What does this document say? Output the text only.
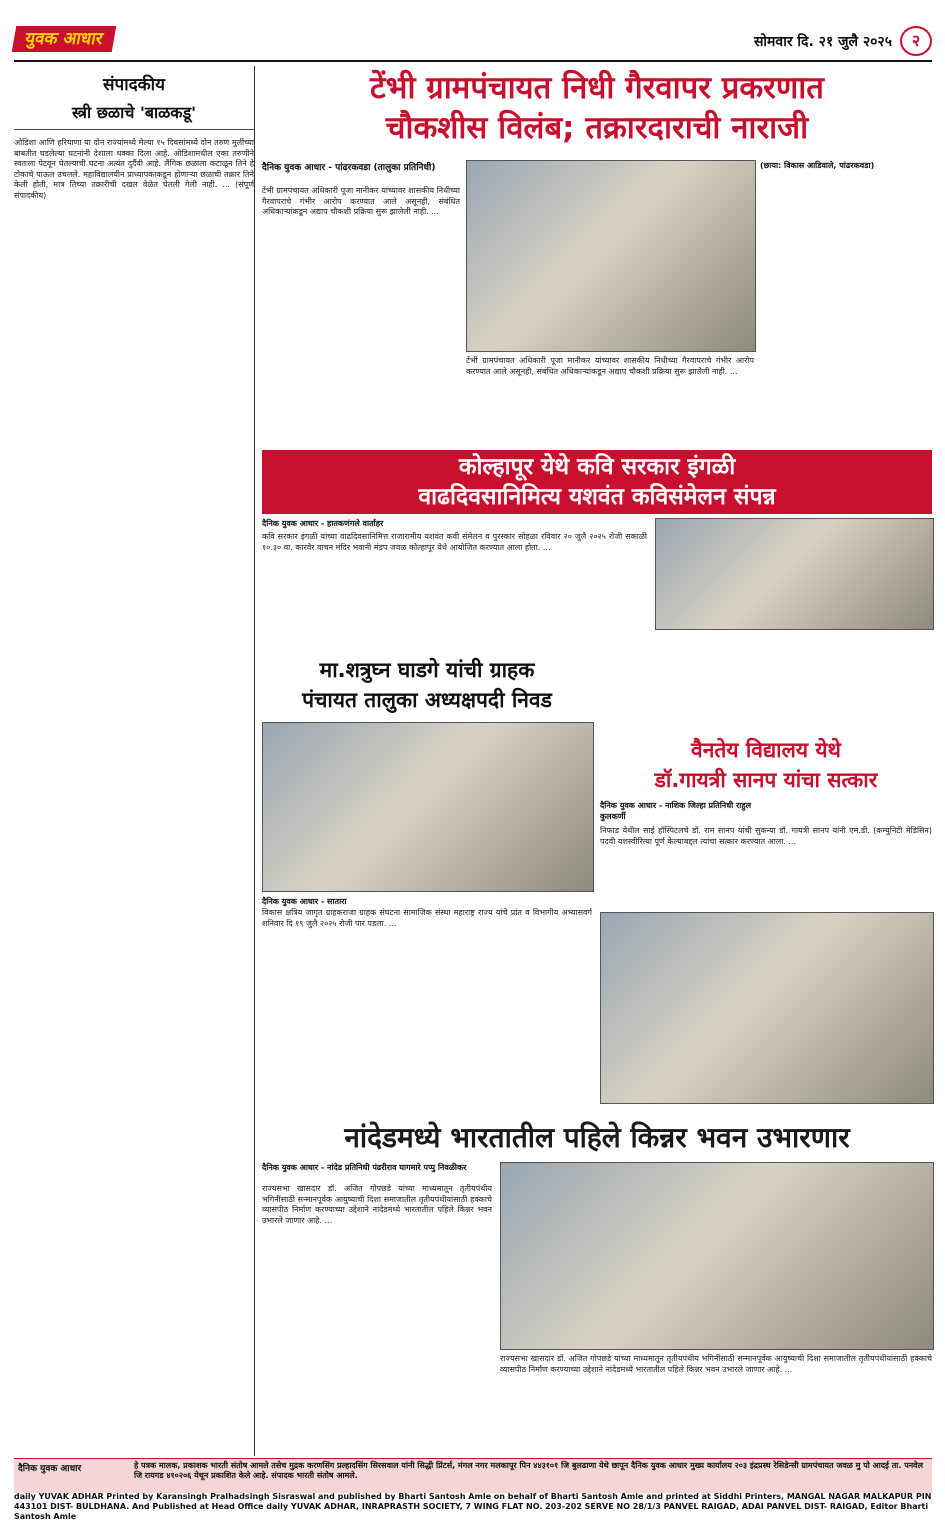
युवक आधार	सोमवार दि. २१ जुलै २०२५	२
संपादकीय
स्त्री छळाचे 'बाळकडू'
ओडिशा आणि हरियाणा या दोन राज्यांमध्ये मेल्या १५ दिवसांमध्ये दोन तरुण मुलींच्या बाबतीत घडलेल्या घटनांनी देशाला धक्का दिला आहे. ओडिशामधील एका तरुणीने स्वतःला पेटवून घेतल्याची घटना अत्यंत दुर्दैवी आहे. लैंगिक छळाला कंटाळून तिने हे टोकाचे पाऊल उचलले. महाविद्यालयीन प्राध्यापकाकडून होणाऱ्या छळाची तक्रार तिने केली होती, मात्र तिच्या तक्रारीची दखल वेळेत घेतली गेली नाही. ... (संपूर्ण संपादकीय)
टेंभी ग्रामपंचायत निधी गैरवापर प्रकरणात
चौकशीस विलंब; तक्रारदाराची नाराजी
दैनिक युवक आधार - पांढरकवडा (तालुका प्रतिनिधी)
टेंभी ग्रामपंचायत अधिकारी पूजा मानीकर यांच्यावर शासकीय निधीच्या गैरवापराचे गंभीर आरोप करण्यात आले असूनही, संबंधित अधिकाऱ्यांकडून अद्याप चौकशी प्रक्रिया सुरू झालेली नाही. ...
टेंभी ग्रामपंचायत अधिकारी पूजा मानीकर यांच्यावर शासकीय निधीच्या गैरवापराचे गंभीर आरोप करण्यात आले असूनही, संबंधित अधिकाऱ्यांकडून अद्याप चौकशी प्रक्रिया सुरू झालेली नाही. ...
(छाया: विकास आडिवाले, पांढरकवडा)
कोल्हापूर येथे कवि सरकार इंगळी
वाढदिवसानिमित्य यशवंत कविसंमेलन संपन्न
दैनिक युवक आधार - हातकणंगले वार्ताहर
कवि सरकार इंगळी यांच्या वाढदिवसानिमित्त राजारामीय यशवंत कवी संमेलन व पुरस्कार सोहळा रविवार २० जुलै २०२५ रोजी सकाळी १०.३० वा. कारवेर वाचन मंदिर भवानी मंडप जवळ कोल्हापूर येथे आयोजित करण्यात आला होता. ...
मा.शत्रुघ्न घाडगे यांची ग्राहक
पंचायत तालुका अध्यक्षपदी निवड
दैनिक युवक आधार - सातारा
विकास क्षत्रिय जागृत ग्राहकराजा ग्राहक संघटना सामाजिक संस्था महाराष्ट्र राज्य यांचे प्रांत व विभागीय अभ्यासवर्ग शनिवार दि १९ जुलै २०२५ रोजी पार पडला. ...
वैनतेय विद्यालय येथे
डॉ.गायत्री सानप यांचा सत्कार
दैनिक युवक आधार - नाशिक जिल्हा प्रतिनिधी राहुल कुलकर्णी
निफाड येथील साई हॉस्पिटलचे डॉ. राम सानप यांची सुकन्या डॉ. गायत्री सानप यांनी एम.डी. (कम्युनिटी मेडिसिन) पदवी यशस्वीरित्या पूर्ण केल्याबद्दल त्यांचा सत्कार करण्यात आला. ...
नांदेडमध्ये भारतातील पहिले किन्नर भवन उभारणार
दैनिक युवक आधार - नांदेड प्रतिनिधी पंढरीराव घागमारे पप्पु निवळीकर
राज्यसभा खासदार डॉ. अजित गोपछडे यांच्या माध्यमातून तृतीयपंथीय भगिनींसाठी सन्मानपूर्वक आयुष्याची दिशा समाजातील तृतीयपंथीयांसाठी हक्काचे व्यासपीठ निर्माण करण्याच्या उद्देशाने नांदेडमध्ये भारतातील पहिले किन्नर भवन उभारले जाणार आहे. ...
राज्यसभा खासदार डॉ. अजित गोपछडे यांच्या माध्यमातून तृतीयपंथीय भगिनींसाठी सन्मानपूर्वक आयुष्याची दिशा समाजातील तृतीयपंथीयांसाठी हक्काचे व्यासपीठ निर्माण करण्याच्या उद्देशाने नांदेडमध्ये भारतातील पहिले किन्नर भवन उभारले जाणार आहे. ...
दैनिक युवक आधार	हे पत्रक मालक, प्रकाशक भारती संतोष आमले तसेच मुद्रक करणसिंग प्रल्हादसिंग सिरसवाल यांनी सिद्धी प्रिंटर्स, मंगल नगर मलकापूर पिन ४४३१०१ जि बुलढाणा येथे छापून दैनिक युवक आधार मुख्य कार्यालय २०३ इंद्रप्रस्थ रेसिडेन्सी ग्रामपंचायत जवळ मु पो आदई ता. पनवेल जि रायगड ४१०२०६ येथून प्रकाशित केले आहे. संपादक भारती संतोष आमले.
daily YUVAK ADHAR Printed by Karansingh Pralhadsingh Sisraswal and published by Bharti Santosh Amle on behalf of Bharti Santosh Amle and printed at Siddhi Printers, MANGAL NAGAR MALKAPUR PIN 443101 DIST- BULDHANA. And Published at Head Office daily YUVAK ADHAR, INRAPRASTH SOCIETY, 7 WING FLAT NO. 203-202 SERVE NO 28/1/3 PANVEL RAIGAD, ADAI PANVEL DIST- RAIGAD, Editor Bharti Santosh Amle
